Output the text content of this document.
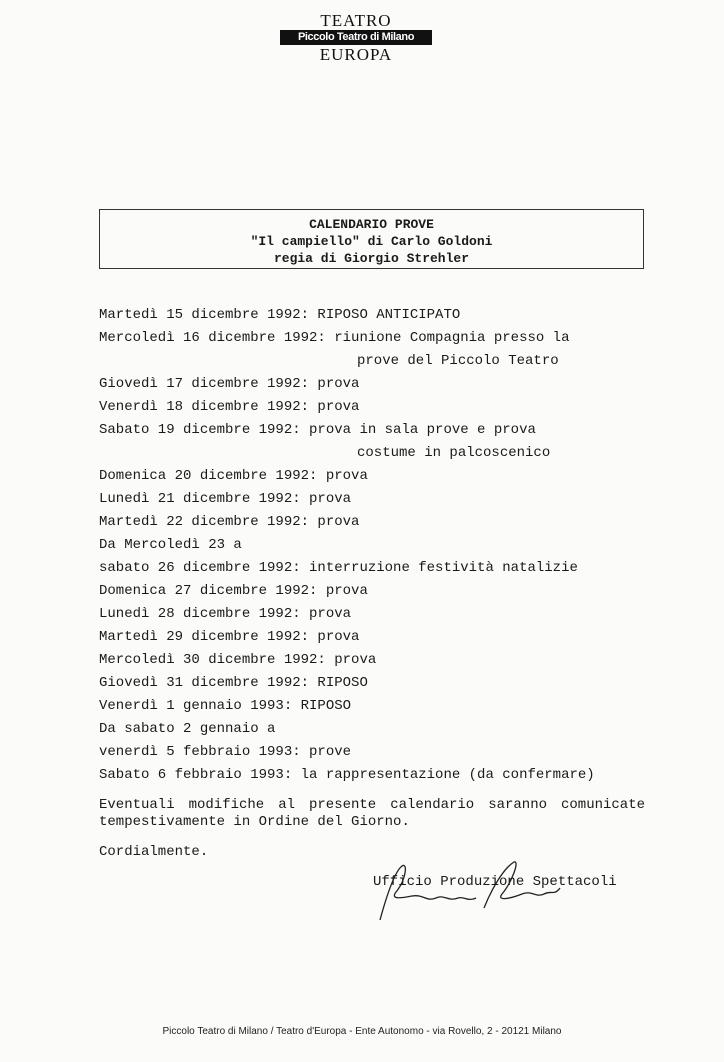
TEATRO
Piccolo Teatro di Milano
EUROPA
CALENDARIO PROVE
"Il campiello" di Carlo Goldoni
regia di Giorgio Strehler
Martedì 15 dicembre 1992: RIPOSO ANTICIPATO
Mercoledì 16 dicembre 1992: riunione Compagnia presso la
prove del Piccolo Teatro
Giovedì 17 dicembre 1992: prova
Venerdì 18 dicembre 1992: prova
Sabato 19 dicembre 1992: prova in sala prove e prova
costume in palcoscenico
Domenica 20 dicembre 1992: prova
Lunedì 21 dicembre 1992: prova
Martedì 22 dicembre 1992: prova
Da Mercoledì 23 a
sabato 26 dicembre 1992: interruzione festività natalizie
Domenica 27 dicembre 1992: prova
Lunedì 28 dicembre 1992: prova
Martedì 29 dicembre 1992: prova
Mercoledì 30 dicembre 1992: prova
Giovedì 31 dicembre 1992: RIPOSO
Venerdì 1 gennaio 1993: RIPOSO
Da sabato 2 gennaio a
venerdì 5 febbraio 1993: prove
Sabato 6 febbraio 1993: la rappresentazione (da confermare)
Eventuali modifiche al presente calendario saranno comunicate tempestivamente in Ordine del Giorno.
Cordialmente.
Ufficio Produzione Spettacoli
Piccolo Teatro di Milano / Teatro d'Europa - Ente Autonomo - via Rovello, 2 - 20121 Milano
